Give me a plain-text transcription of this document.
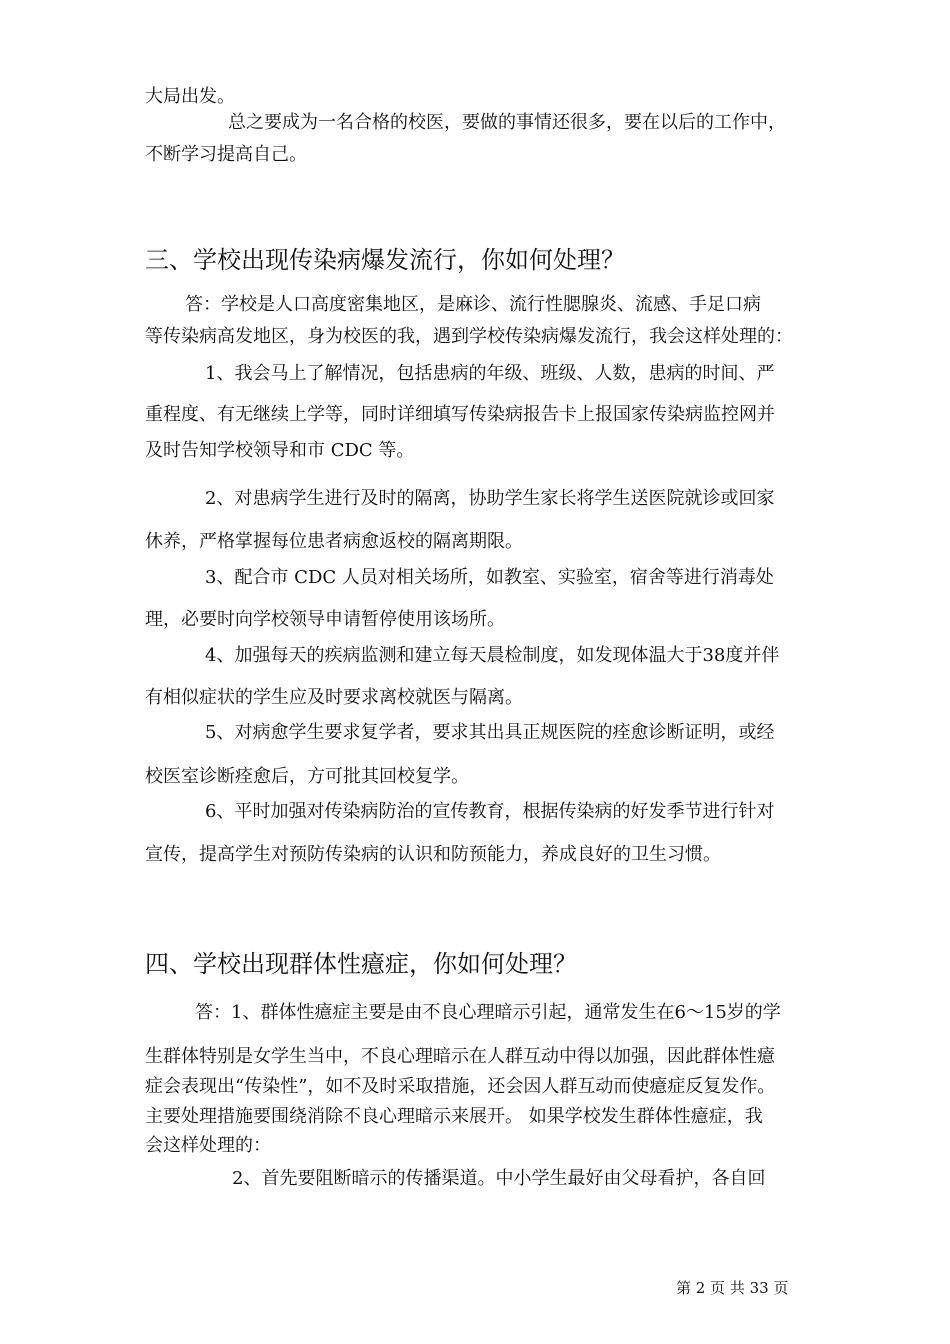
大局出发。
总之要成为一名合格的校医，要做的事情还很多，要在以后的工作中，
不断学习提高自己。
三、学校出现传染病爆发流行，你如何处理？
答：学校是人口高度密集地区，是麻诊、流行性腮腺炎、流感、手足口病
等传染病高发地区，身为校医的我，遇到学校传染病爆发流行，我会这样处理的：
1、我会马上了解情况，包括患病的年级、班级、人数，患病的时间、严
重程度、有无继续上学等，同时详细填写传染病报告卡上报国家传染病监控网并
及时告知学校领导和市 CDC 等。
2、对患病学生进行及时的隔离，协助学生家长将学生送医院就诊或回家
休养，严格掌握每位患者病愈返校的隔离期限。
3、配合市 CDC 人员对相关场所，如教室、实验室，宿舍等进行消毒处
理，必要时向学校领导申请暂停使用该场所。
4、加强每天的疾病监测和建立每天晨检制度，如发现体温大于38度并伴
有相似症状的学生应及时要求离校就医与隔离。
5、对病愈学生要求复学者，要求其出具正规医院的痊愈诊断证明，或经
校医室诊断痊愈后，方可批其回校复学。
6、平时加强对传染病防治的宣传教育，根据传染病的好发季节进行针对
宣传，提高学生对预防传染病的认识和防预能力，养成良好的卫生习惯。
四、学校出现群体性癔症，你如何处理？
答：1、群体性癔症主要是由不良心理暗示引起，通常发生在6～15岁的学
生群体特别是女学生当中，不良心理暗示在人群互动中得以加强，因此群体性癔
症会表现出“传染性”，如不及时采取措施，还会因人群互动而使癔症反复发作。
主要处理措施要围绕消除不良心理暗示来展开。 如果学校发生群体性癔症，我
会这样处理的：
2、首先要阻断暗示的传播渠道。中小学生最好由父母看护，各自回
第 2 页 共 33 页
